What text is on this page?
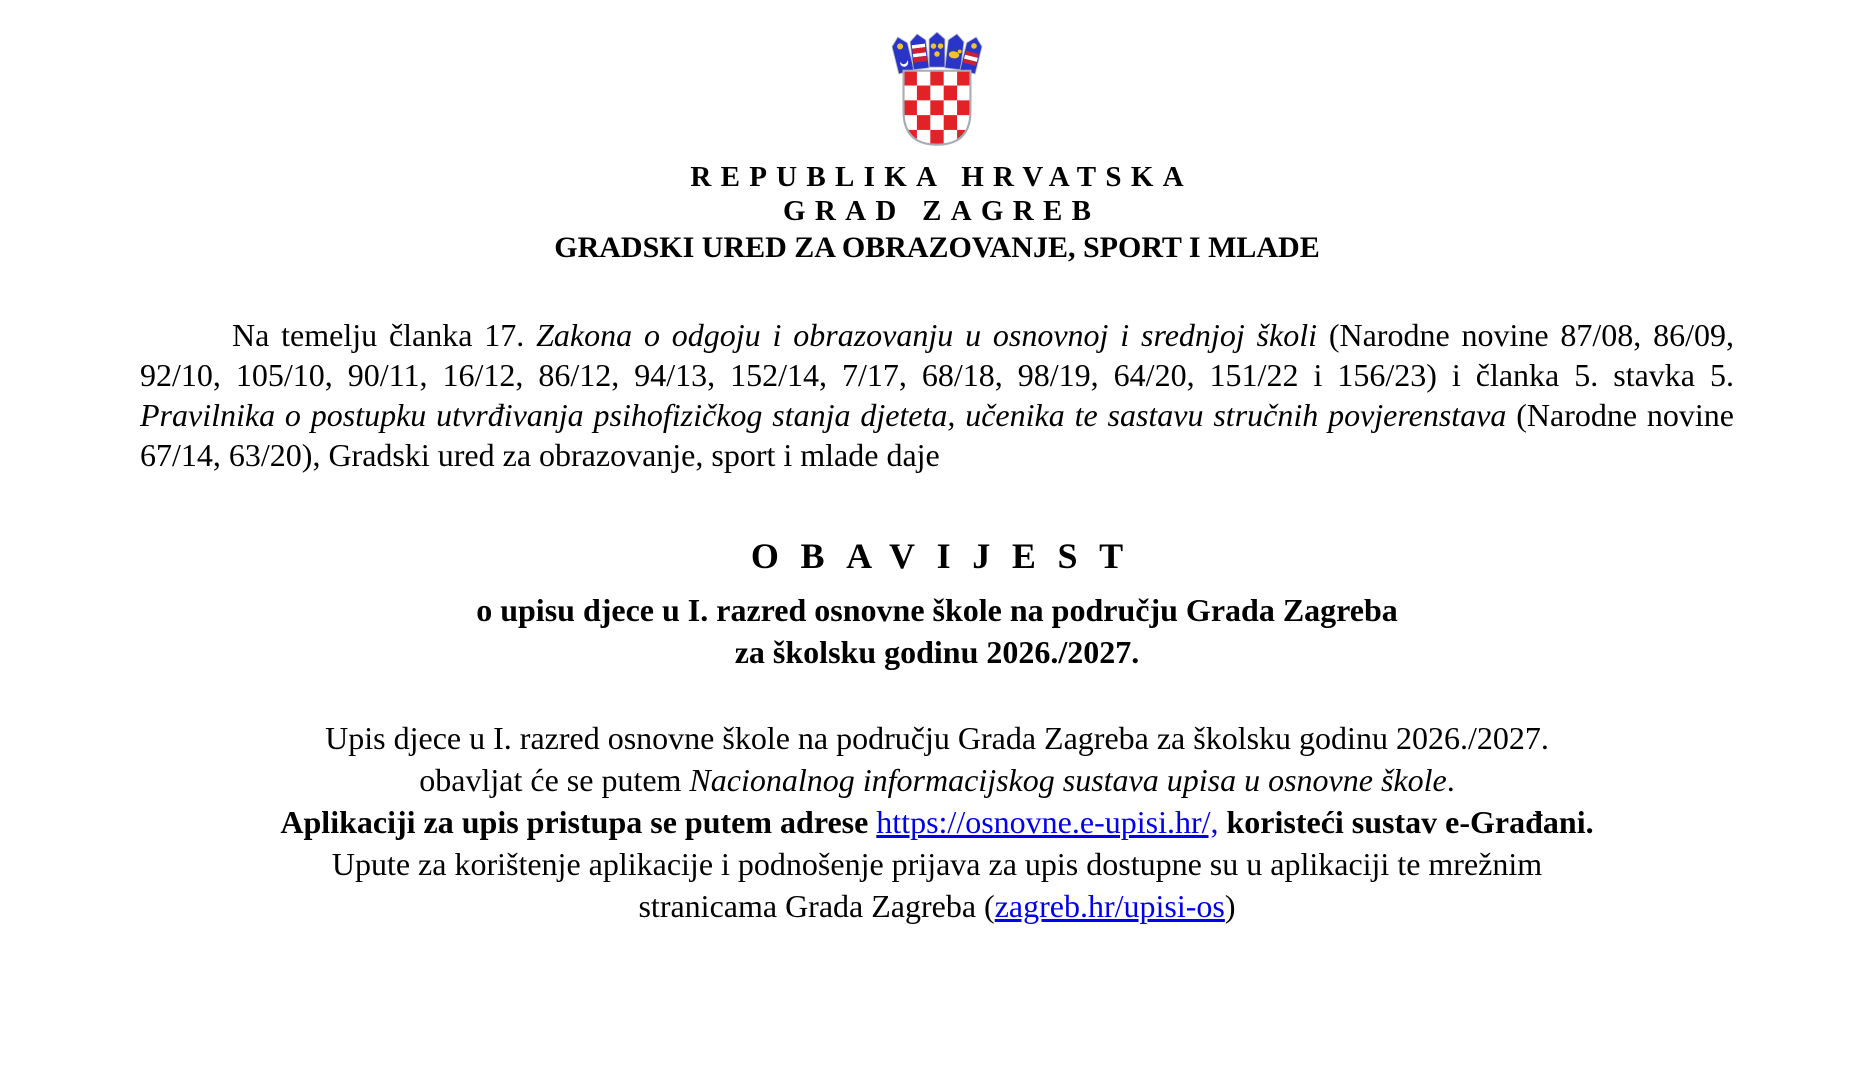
REPUBLIKA HRVATSKA
GRAD ZAGREB
GRADSKI URED ZA OBRAZOVANJE, SPORT I MLADE

Na temelju članka 17. Zakona o odgoju i obrazovanju u osnovnoj i srednjoj školi (Narodne novine 87/08, 86/09, 92/10, 105/10, 90/11, 16/12, 86/12, 94/13, 152/14, 7/17, 68/18, 98/19, 64/20, 151/22 i 156/23) i članka 5. stavka 5. Pravilnika o postupku utvrđivanja psihofizičkog stanja djeteta, učenika te sastavu stručnih povjerenstava (Narodne novine 67/14, 63/20), Gradski ured za obrazovanje, sport i mlade daje

OBAVIJEST
o upisu djece u I. razred osnovne škole na području Grada Zagreba
za školsku godinu 2026./2027.
Upis djece u I. razred osnovne škole na području Grada Zagreba za školsku godinu 2026./2027.
obavljat će se putem Nacionalnog informacijskog sustava upisa u osnovne škole.
Aplikaciji za upis pristupa se putem adrese https://osnovne.e-upisi.hr/, koristeći sustav e-Građani.
Upute za korištenje aplikacije i podnošenje prijava za upis dostupne su u aplikaciji te mrežnim
stranicama Grada Zagreba (zagreb.hr/upisi-os)
